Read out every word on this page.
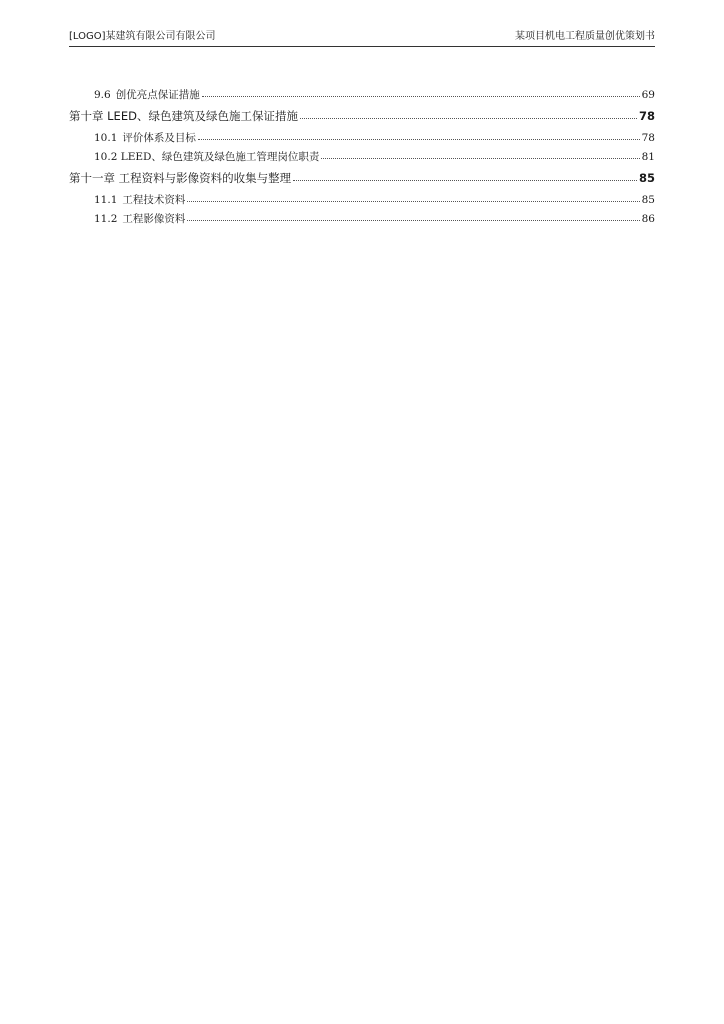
[LOGO]某建筑有限公司有限公司	某项目机电工程质量创优策划书
9.6 创优亮点保证措施	69
第十章 LEED、绿色建筑及绿色施工保证措施	78
10.1 评价体系及目标	78
10.2 LEED、绿色建筑及绿色施工管理岗位职责	81
第十一章 工程资料与影像资料的收集与整理	85
11.1 工程技术资料	85
11.2 工程影像资料	86
